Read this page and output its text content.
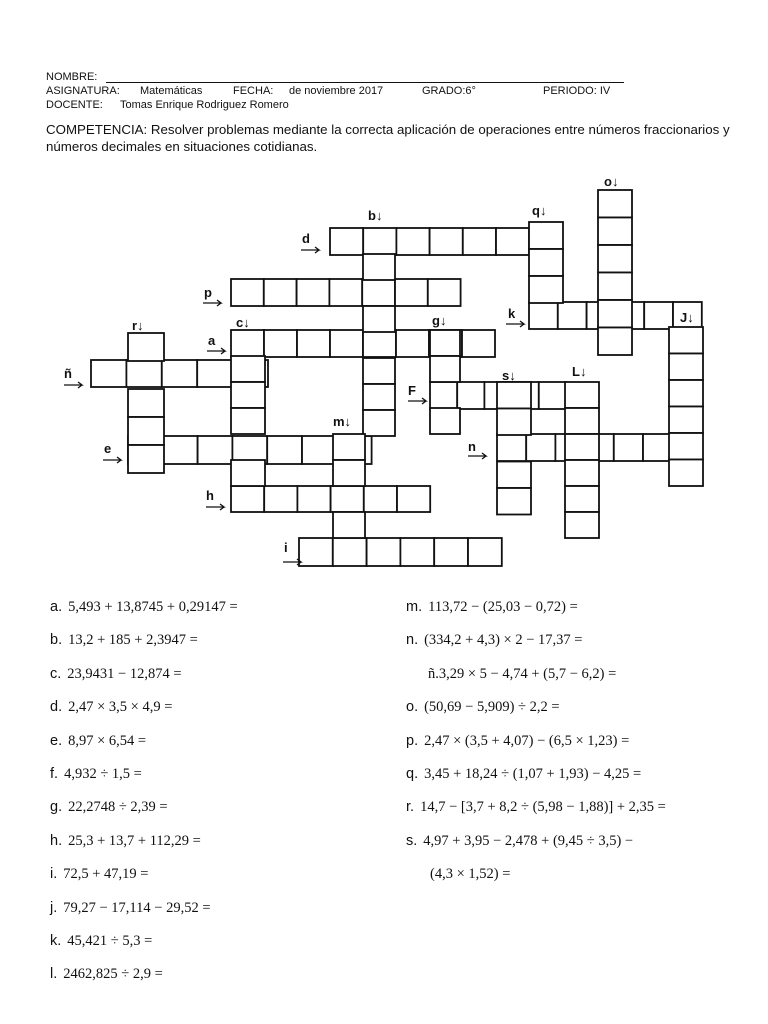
NOMBRE:
ASIGNATURA: Matemáticas	FECHA: de noviembre 2017	GRADO:6°	PERIODO: IV
DOCENTE: Tomas Enrique Rodriguez Romero
COMPETENCIA: Resolver problemas mediante la correcta aplicación de operaciones entre números fraccionarios y números decimales en situaciones cotidianas.
d
b↓	q↓
o↓
p
k
r↓	c↓	g↓	J↓
a
ñ
F
s↓	L↓
m↓
e	n
h
i
a. 5,493 + 13,8745 + 0,29147 =
b. 13,2 + 185 + 2,3947 =
c. 23,9431 − 12,874 =
d. 2,47 × 3,5 × 4,9 =
e. 8,97 × 6,54 =
f. 4,932 ÷ 1,5 =
g. 22,2748 ÷ 2,39 =
h. 25,3 + 13,7 + 112,29 =
i. 72,5 + 47,19 =
j. 79,27 − 17,114 − 29,52 =
k. 45,421 ÷ 5,3 =
l. 2462,825 ÷ 2,9 =
m. 113,72 − (25,03 − 0,72) =
n. (334,2 + 4,3) × 2 − 17,37 =
ñ.3,29 × 5 − 4,74 + (5,7 − 6,2) =
o. (50,69 − 5,909) ÷ 2,2 =
p. 2,47 × (3,5 + 4,07) − (6,5 × 1,23) =
q. 3,45 + 18,24 ÷ (1,07 + 1,93) − 4,25 =
r. 14,7 − [3,7 + 8,2 ÷ (5,98 − 1,88)] + 2,35 =
s. 4,97 + 3,95 − 2,478 + (9,45 ÷ 3,5) −
(4,3 × 1,52) =
